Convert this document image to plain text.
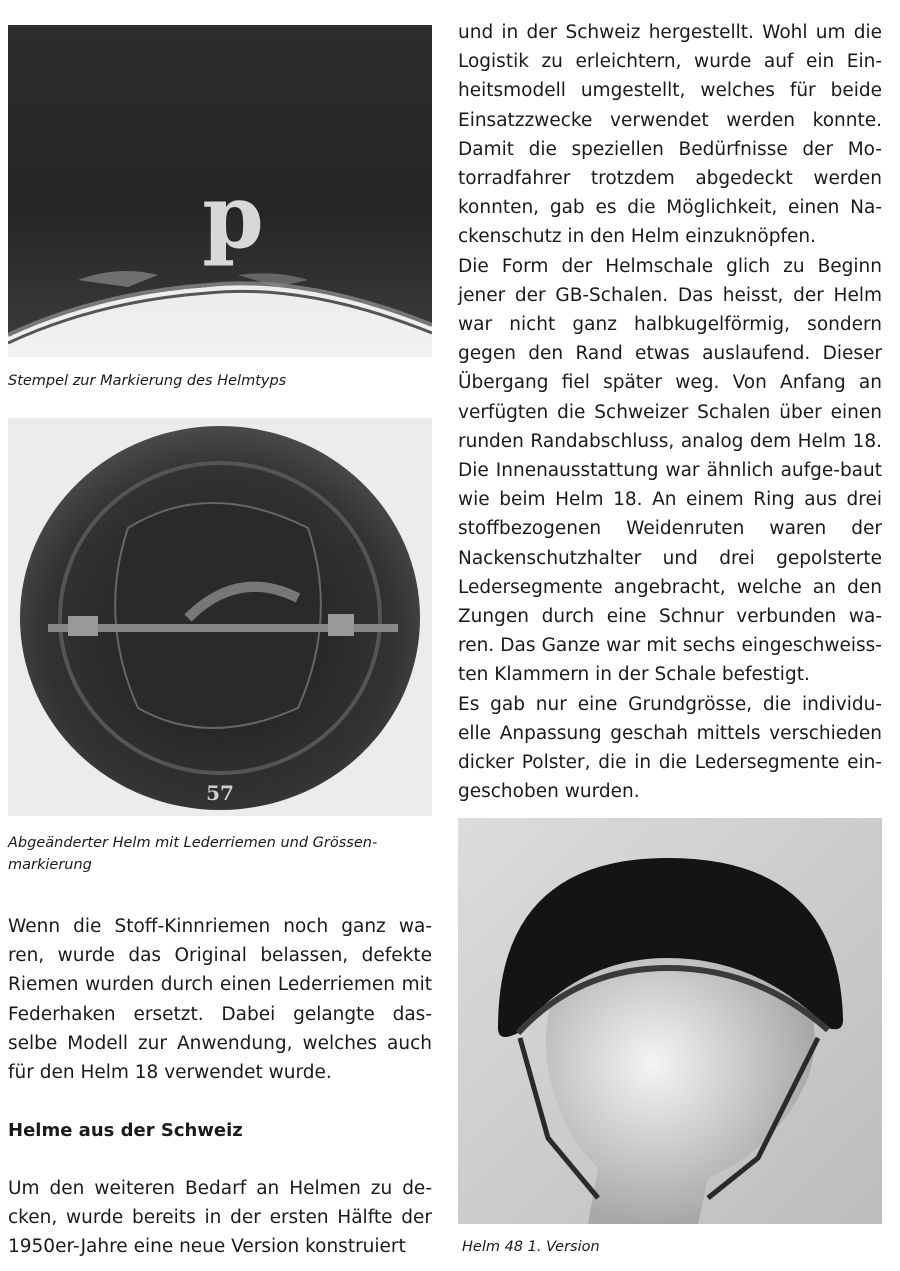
p

Stempel zur Markierung des Helmtyps

57

Abgeänderter Helm mit Lederriemen und Grössen-markierung

Wenn die Stoff-Kinnriemen noch ganz wa-ren, wurde das Original belassen, defekte Riemen wurden durch einen Lederriemen mit Federhaken ersetzt. Dabei gelangte das-selbe Modell zur Anwendung, welches auch für den Helm 18 verwendet wurde.

Helme aus der Schweiz

Um den weiteren Bedarf an Helmen zu de-cken, wurde bereits in der ersten Hälfte der 1950er-Jahre eine neue Version konstruiert

und in der Schweiz hergestellt. Wohl um die Logistik zu erleichtern, wurde auf ein Ein-heitsmodell umgestellt, welches für beide Einsatzzwecke verwendet werden konnte. Damit die speziellen Bedürfnisse der Mo-torradfahrer trotzdem abgedeckt werden konnten, gab es die Möglichkeit, einen Na-ckenschutz in den Helm einzuknöpfen.

Die Form der Helmschale glich zu Beginn jener der GB-Schalen. Das heisst, der Helm war nicht ganz halbkugelförmig, sondern gegen den Rand etwas auslaufend. Dieser Übergang fiel später weg. Von Anfang an verfügten die Schweizer Schalen über einen runden Randabschluss, analog dem Helm 18. Die Innenausstattung war ähnlich aufge-baut wie beim Helm 18. An einem Ring aus drei stoffbezogenen Weidenruten waren der Nackenschutzhalter und drei gepolsterte Ledersegmente angebracht, welche an den Zungen durch eine Schnur verbunden wa-ren. Das Ganze war mit sechs eingeschweiss-ten Klammern in der Schale befestigt.

Es gab nur eine Grundgrösse, die individu-elle Anpassung geschah mittels verschieden dicker Polster, die in die Ledersegmente ein-geschoben wurden.

Helm 48 1. Version
